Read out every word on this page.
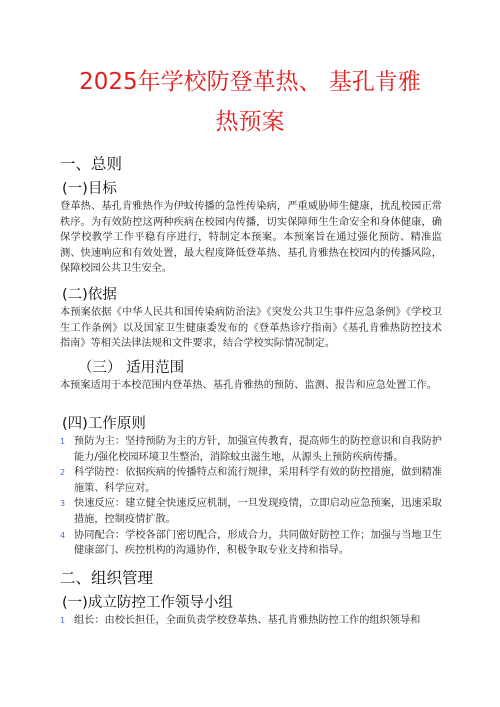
2025年学校防登革热、 基孔肯雅
热预案
一、总则
(一)目标
登革热、基孔肯雅热作为伊蚊传播的急性传染病，严重威胁师生健康，扰乱校园正常秩序。为有效防控这两种疾病在校园内传播，切实保障师生生命安全和身体健康，确保学校教学工作平稳有序进行，特制定本预案。本预案旨在通过强化预防、精准监测、快速响应和有效处置，最大程度降低登革热、基孔肯雅热在校园内的传播风险，保障校园公共卫生安全。
(二)依据
本预案依据《中华人民共和国传染病防治法》《突发公共卫生事件应急条例》《学校卫生工作条例》以及国家卫生健康委发布的《登革热诊疗指南》《基孔肯雅热防控技术指南》等相关法律法规和文件要求，结合学校实际情况制定。
（三） 适用范围
本预案适用于本校范围内登革热、基孔肯雅热的预防、监测、报告和应急处置工作。
(四)工作原则
1 预防为主：坚持预防为主的方针，加强宣传教育，提高师生的防控意识和自我防护能力/强化校园环境卫生整治，消除蚊虫滋生地，从源头上预防疾病传播。
2 科学防控：依据疾病的传播特点和流行规律，采用科学有效的防控措施，做到精准施策、科学应对。
3 快速反应：建立健全快速反应机制，一旦发现疫情，立即启动应急预案，迅速采取措施，控制疫情扩散。
4 协同配合：学校各部门密切配合，形成合力，共同做好防控工作；加强与当地卫生健康部门、疾控机构的沟通协作，积极争取专业支持和指导。
二、组织管理
(一)成立防控工作领导小组
1 组长：由校长担任，全面负责学校登革热、基孔肯雅热防控工作的组织领导和
